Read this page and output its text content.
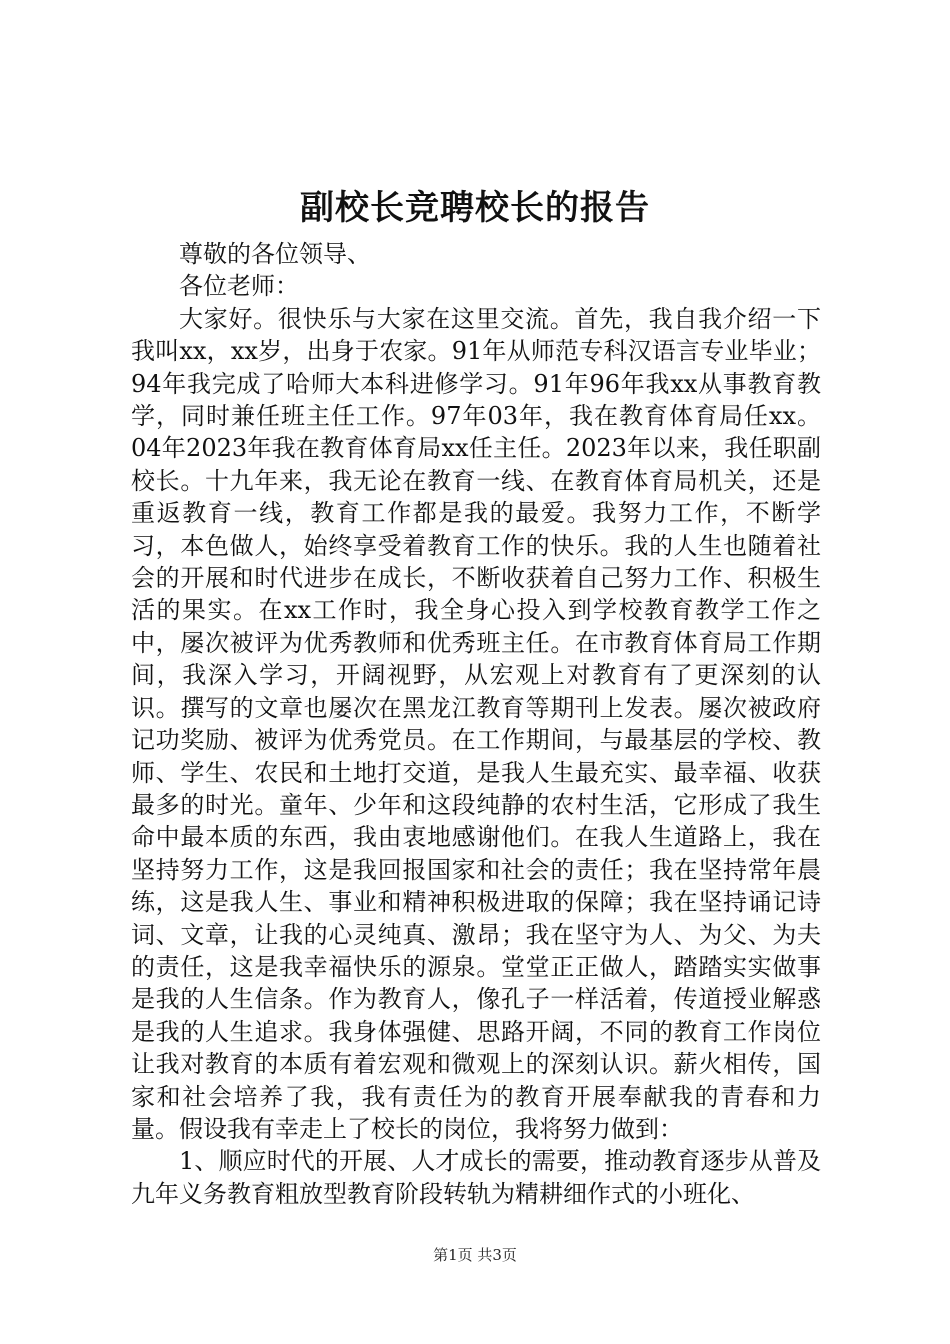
副校长竞聘校长的报告

尊敬的各位领导、

各位老师：

大家好。很快乐与大家在这里交流。首先，我自我介绍一下我叫xx，xx岁，出身于农家。91年从师范专科汉语言专业毕业；94年我完成了哈师大本科进修学习。91年96年我xx从事教育教学，同时兼任班主任工作。97年03年，我在教育体育局任xx。04年2023年我在教育体育局xx任主任。2023年以来，我任职副校长。十九年来，我无论在教育一线、在教育体育局机关，还是重返教育一线，教育工作都是我的最爱。我努力工作，不断学习，本色做人，始终享受着教育工作的快乐。我的人生也随着社会的开展和时代进步在成长，不断收获着自己努力工作、积极生活的果实。在xx工作时，我全身心投入到学校教育教学工作之中，屡次被评为优秀教师和优秀班主任。在市教育体育局工作期间，我深入学习，开阔视野，从宏观上对教育有了更深刻的认识。撰写的文章也屡次在黑龙江教育等期刊上发表。屡次被政府记功奖励、被评为优秀党员。在工作期间，与最基层的学校、教师、学生、农民和土地打交道，是我人生最充实、最幸福、收获最多的时光。童年、少年和这段纯静的农村生活，它形成了我生命中最本质的东西，我由衷地感谢他们。在我人生道路上，我在坚持努力工作，这是我回报国家和社会的责任；我在坚持常年晨练，这是我人生、事业和精神积极进取的保障；我在坚持诵记诗词、文章，让我的心灵纯真、激昂；我在坚守为人、为父、为夫的责任，这是我幸福快乐的源泉。堂堂正正做人，踏踏实实做事是我的人生信条。作为教育人，像孔子一样活着，传道授业解惑是我的人生追求。我身体强健、思路开阔，不同的教育工作岗位让我对教育的本质有着宏观和微观上的深刻认识。薪火相传，国家和社会培养了我，我有责任为的教育开展奉献我的青春和力量。假设我有幸走上了校长的岗位，我将努力做到：

1、顺应时代的开展、人才成长的需要，推动教育逐步从普及九年义务教育粗放型教育阶段转轨为精耕细作式的小班化、

第1页 共3页
